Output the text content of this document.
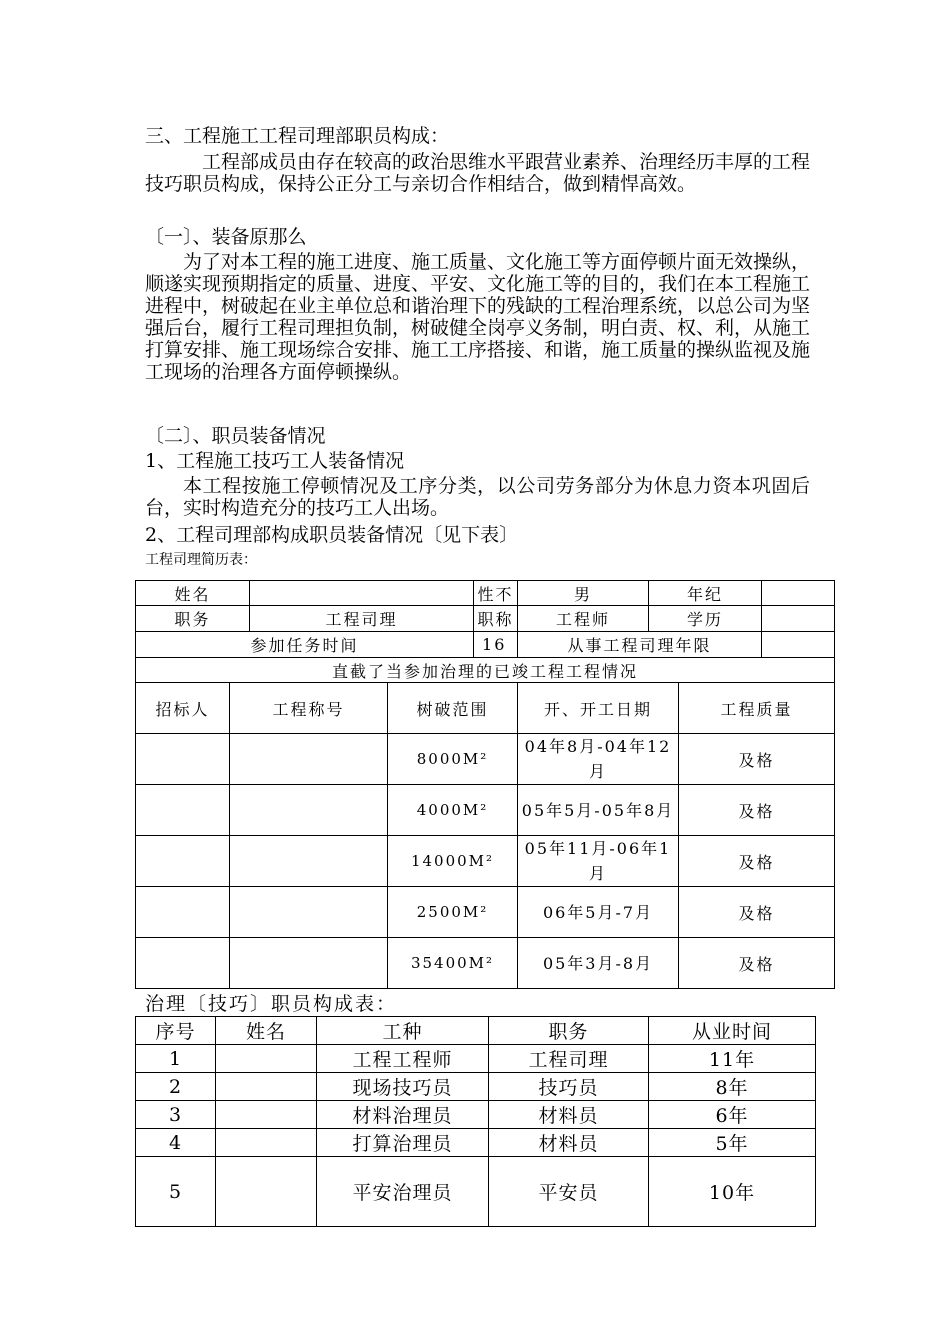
三、工程施工工程司理部职员构成：

工程部成员由存在较高的政治思维水平跟营业素养、治理经历丰厚的工程技巧职员构成，保持公正分工与亲切合作相结合，做到精悍高效。

〔一〕、装备原那么

为了对本工程的施工进度、施工质量、文化施工等方面停顿片面无效操纵，顺遂实现预期指定的质量、进度、平安、文化施工等的目的，我们在本工程施工进程中，树破起在业主单位总和谐治理下的残缺的工程治理系统，以总公司为坚强后台，履行工程司理担负制，树破健全岗亭义务制，明白责、权、利，从施工打算安排、施工现场综合安排、施工工序搭接、和谐，施工质量的操纵监视及施工现场的治理各方面停顿操纵。

〔二〕、职员装备情况
1、工程施工技巧工人装备情况

本工程按施工停顿情况及工序分类，以公司劳务部分为休息力资本巩固后台，实时构造充分的技巧工人出场。

2、工程司理部构成职员装备情况〔见下表〕
工程司理简历表：
姓名				性不	男	年纪		
职务		工程司理		职称	工程师	学历		
参加任务时间				16	从事工程司理年限			
直截了当参加治理的已竣工程工程情况								
招标人	工程称号		树破范围		开、开工日期		工程质量	
			8000M²		04年8月-04年12月		及格	
			4000M²		05年5月-05年8月		及格	
			14000M²		05年11月-06年1月		及格	
			2500M²		06年5月-7月		及格	
			35400M²		05年3月-8月		及格	
治理〔技巧〕职员构成表：
序号	姓名	工种	职务	从业时间
1		工程工程师	工程司理	11年
2		现场技巧员	技巧员	8年
3		材料治理员	材料员	6年
4		打算治理员	材料员	5年
5		平安治理员	平安员	10年
